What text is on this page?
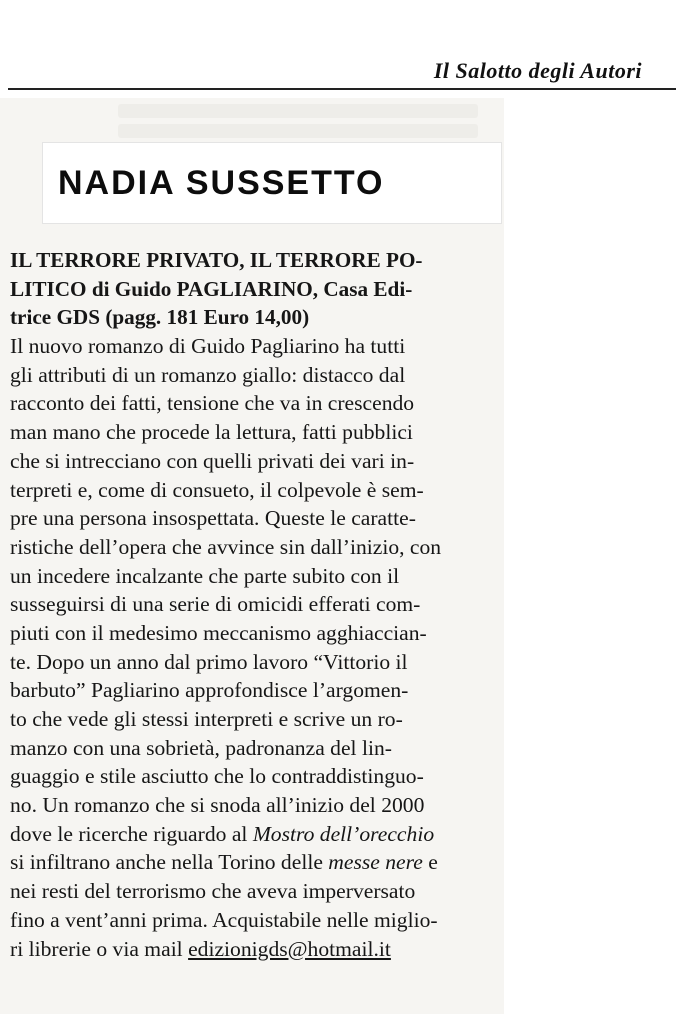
Il Salotto degli Autori
NADIA SUSSETTO
IL TERRORE PRIVATO, IL TERRORE PO-
LITICO di Guido PAGLIARINO, Casa Edi-
trice GDS (pagg. 181 Euro 14,00)
Il nuovo romanzo di Guido Pagliarino ha tutti
gli attributi di un romanzo giallo: distacco dal
racconto dei fatti, tensione che va in crescendo
man mano che procede la lettura, fatti pubblici
che si intrecciano con quelli privati dei vari in-
terpreti e, come di consueto, il colpevole è sem-
pre una persona insospettata. Queste le caratte-
ristiche dell’opera che avvince sin dall’inizio, con
un incedere incalzante che parte subito con il
susseguirsi di una serie di omicidi efferati com-
piuti con il medesimo meccanismo agghiaccian-
te. Dopo un anno dal primo lavoro “Vittorio il
barbuto” Pagliarino approfondisce l’argomen-
to che vede gli stessi interpreti e scrive un ro-
manzo con una sobrietà, padronanza del lin-
guaggio e stile asciutto che lo contraddistinguo-
no. Un romanzo che si snoda all’inizio del 2000
dove le ricerche riguardo al Mostro dell’orecchio
si infiltrano anche nella Torino delle messe nere e
nei resti del terrorismo che aveva imperversato
fino a vent’anni prima. Acquistabile nelle miglio-
ri librerie o via mail edizionigds@hotmail.it
